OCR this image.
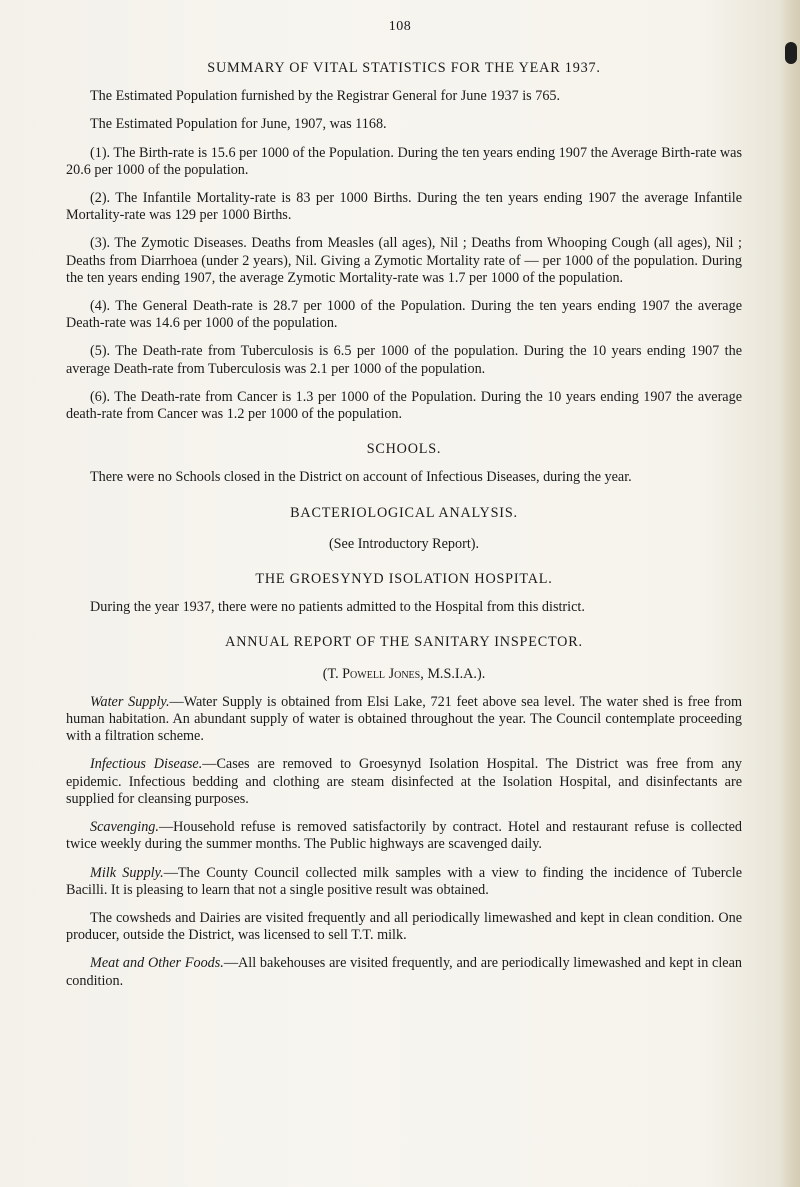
108
SUMMARY OF VITAL STATISTICS FOR THE YEAR 1937.

The Estimated Population furnished by the Registrar General for June 1937 is 765.

The Estimated Population for June, 1907, was 1168.

(1). The Birth-rate is 15.6 per 1000 of the Population. During the ten years ending 1907 the Average Birth-rate was 20.6 per 1000 of the population.

(2). The Infantile Mortality-rate is 83 per 1000 Births. During the ten years ending 1907 the average Infantile Mortality-rate was 129 per 1000 Births.

(3). The Zymotic Diseases. Deaths from Measles (all ages), Nil ; Deaths from Whooping Cough (all ages), Nil ; Deaths from Diarrhoea (under 2 years), Nil. Giving a Zymotic Mortality rate of — per 1000 of the population. During the ten years ending 1907, the average Zymotic Mortality-rate was 1.7 per 1000 of the population.

(4). The General Death-rate is 28.7 per 1000 of the Population. During the ten years ending 1907 the average Death-rate was 14.6 per 1000 of the population.

(5). The Death-rate from Tuberculosis is 6.5 per 1000 of the population. During the 10 years ending 1907 the average Death-rate from Tuberculosis was 2.1 per 1000 of the population.

(6). The Death-rate from Cancer is 1.3 per 1000 of the Population. During the 10 years ending 1907 the average death-rate from Cancer was 1.2 per 1000 of the population.

SCHOOLS.

There were no Schools closed in the District on account of Infectious Diseases, during the year.

BACTERIOLOGICAL ANALYSIS.

(See Introductory Report).

THE GROESYNYD ISOLATION HOSPITAL.

During the year 1937, there were no patients admitted to the Hospital from this district.

ANNUAL REPORT OF THE SANITARY INSPECTOR.

(T. Powell Jones, M.S.I.A.).

Water Supply.—Water Supply is obtained from Elsi Lake, 721 feet above sea level. The water shed is free from human habitation. An abundant supply of water is obtained throughout the year. The Council contemplate proceeding with a filtration scheme.

Infectious Disease.—Cases are removed to Groesynyd Isolation Hospital. The District was free from any epidemic. Infectious bedding and clothing are steam disinfected at the Isolation Hospital, and disinfectants are supplied for cleansing purposes.

Scavenging.—Household refuse is removed satisfactorily by contract. Hotel and restaurant refuse is collected twice weekly during the summer months. The Public highways are scavenged daily.

Milk Supply.—The County Council collected milk samples with a view to finding the incidence of Tubercle Bacilli. It is pleasing to learn that not a single positive result was obtained.

The cowsheds and Dairies are visited frequently and all periodically limewashed and kept in clean condition. One producer, outside the District, was licensed to sell T.T. milk.

Meat and Other Foods.—All bakehouses are visited frequently, and are periodically limewashed and kept in clean condition.
